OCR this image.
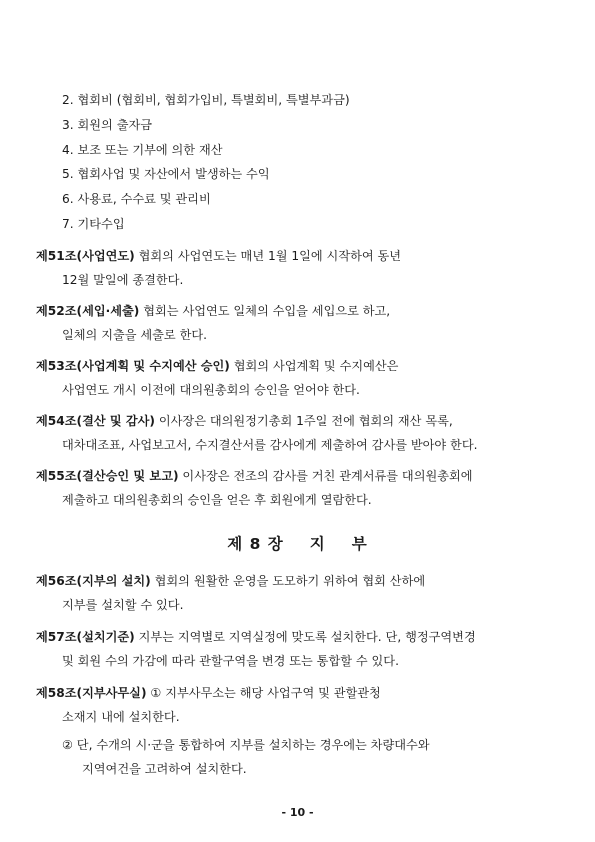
2. 협회비 (협회비, 협회가입비, 특별회비, 특별부과금)
3. 회원의 출자금
4. 보조 또는 기부에 의한 재산
5. 협회사업 및 자산에서 발생하는 수익
6. 사용료, 수수료 및 관리비
7. 기타수입
제51조(사업연도) 협회의 사업연도는 매년 1월 1일에 시작하여 동년
12월 말일에 종결한다.
제52조(세입·세출) 협회는 사업연도 일체의 수입을 세입으로 하고,
일체의 지출을 세출로 한다.
제53조(사업계획 및 수지예산 승인) 협회의 사업계획 및 수지예산은
사업연도 개시 이전에 대의원총회의 승인을 얻어야 한다.
제54조(결산 및 감사) 이사장은 대의원정기총회 1주일 전에 협회의 재산 목록,
대차대조표, 사업보고서, 수지결산서를 감사에게 제출하여 감사를 받아야 한다.
제55조(결산승인 및 보고) 이사장은 전조의 감사를 거친 관계서류를 대의원총회에
제출하고 대의원총회의 승인을 얻은 후 회원에게 열람한다.
제 8 장 지 부
제56조(지부의 설치) 협회의 원활한 운영을 도모하기 위하여 협회 산하에
지부를 설치할 수 있다.
제57조(설치기준) 지부는 지역별로 지역실정에 맞도록 설치한다. 단, 행정구역변경
및 회원 수의 가감에 따라 관할구역을 변경 또는 통합할 수 있다.
제58조(지부사무실) ① 지부사무소는 해당 사업구역 및 관할관청
소재지 내에 설치한다.
② 단, 수개의 시·군을 통합하여 지부를 설치하는 경우에는 차량대수와
지역여건을 고려하여 설치한다.
- 10 -
